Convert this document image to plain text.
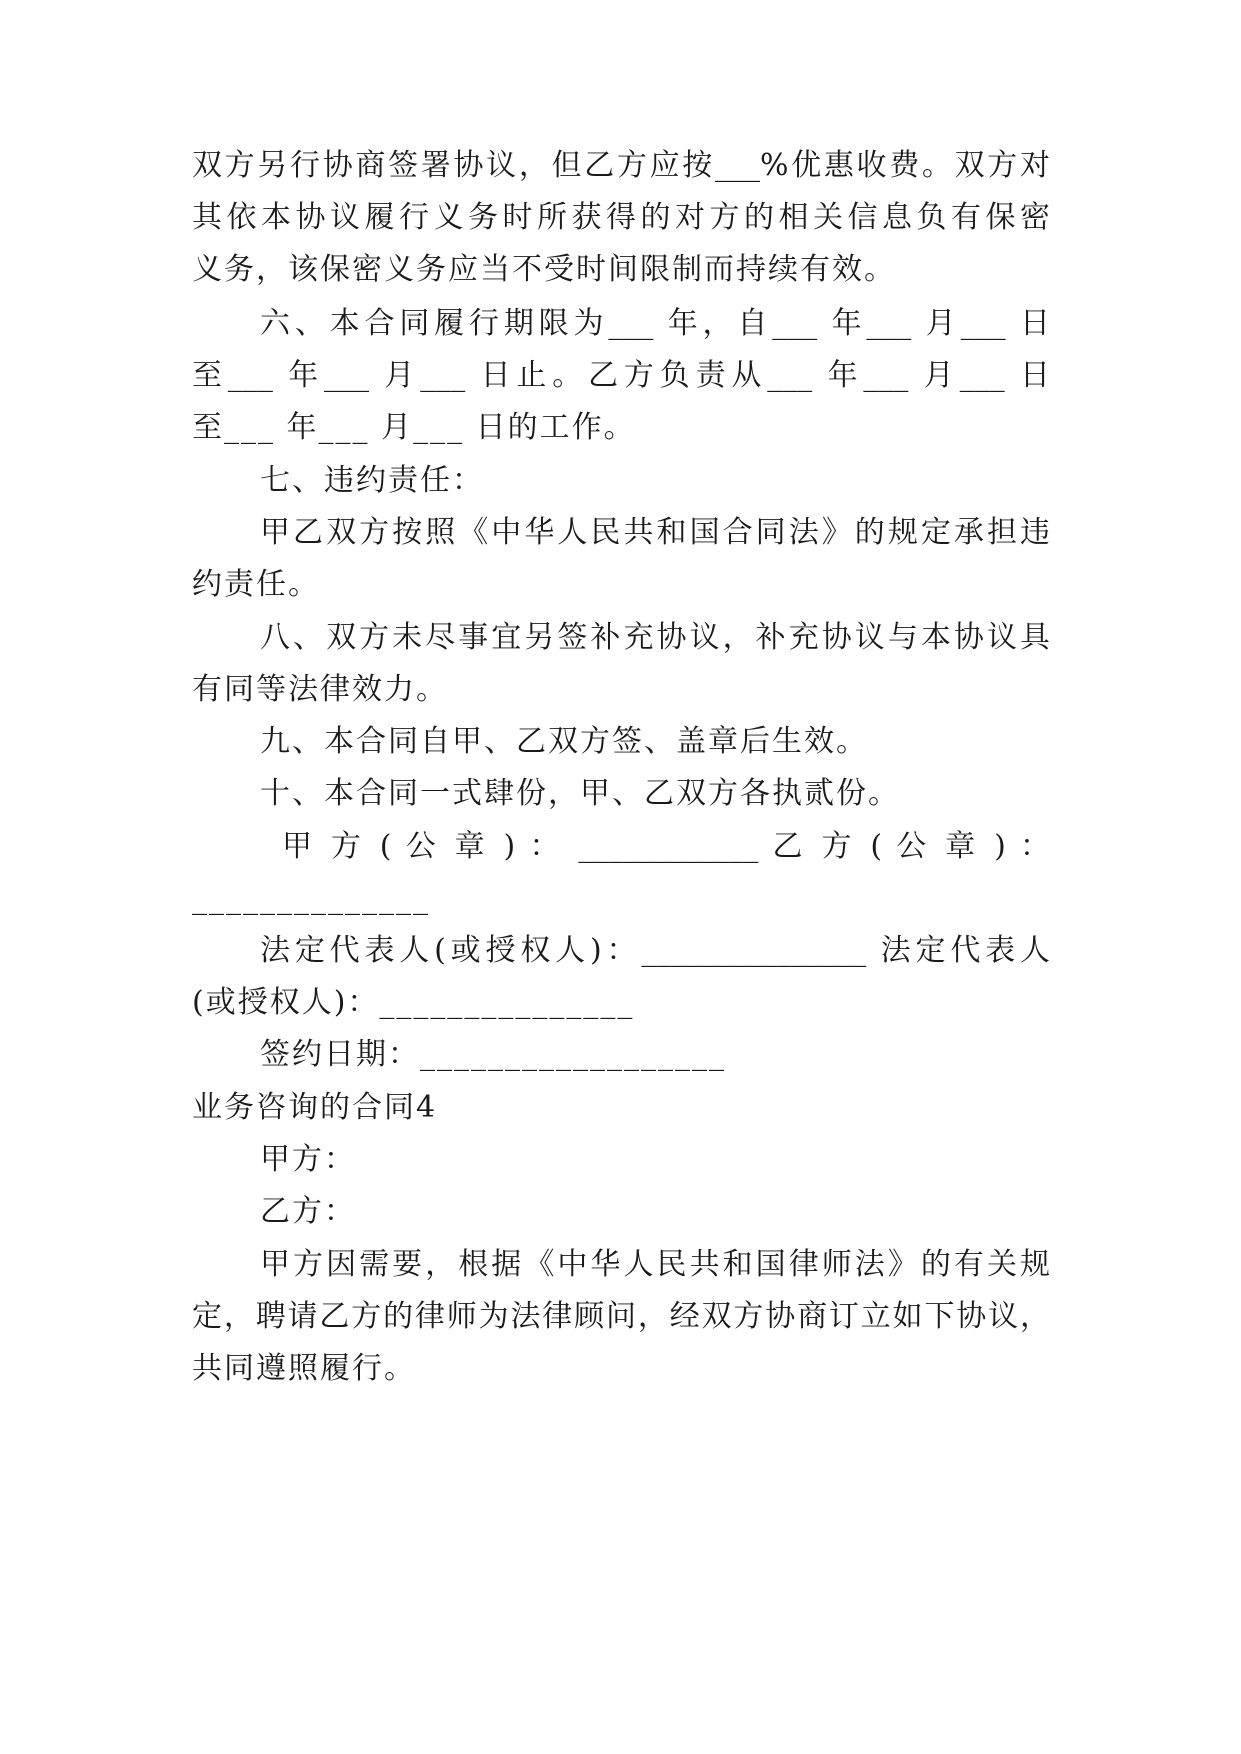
双方另行协商签署协议，但乙方应按___%优惠收费。双方对
其依本协议履行义务时所获得的对方的相关信息负有保密
义务，该保密义务应当不受时间限制而持续有效。
六、本合同履行期限为___ 年，自___ 年___ 月___ 日
至___ 年___ 月___ 日止。乙方负责从___ 年___ 月___ 日
至___ 年___ 月___ 日的工作。
七、违约责任：
甲乙双方按照《中华人民共和国合同法》的规定承担违
约责任。
八、双方未尽事宜另签补充协议，补充协议与本协议具
有同等法律效力。
九、本合同自甲、乙双方签、盖章后生效。
十、本合同一式肆份，甲、乙双方各执贰份。
甲 方 ( 公 章 ) ： ____________ 乙 方 ( 公 章 ) ：
______________
法定代表人(或授权人)：_______________ 法定代表人
(或授权人)：_______________
签约日期：__________________
业务咨询的合同4
甲方：
乙方：
甲方因需要，根据《中华人民共和国律师法》的有关规
定，聘请乙方的律师为法律顾问，经双方协商订立如下协议，
共同遵照履行。
